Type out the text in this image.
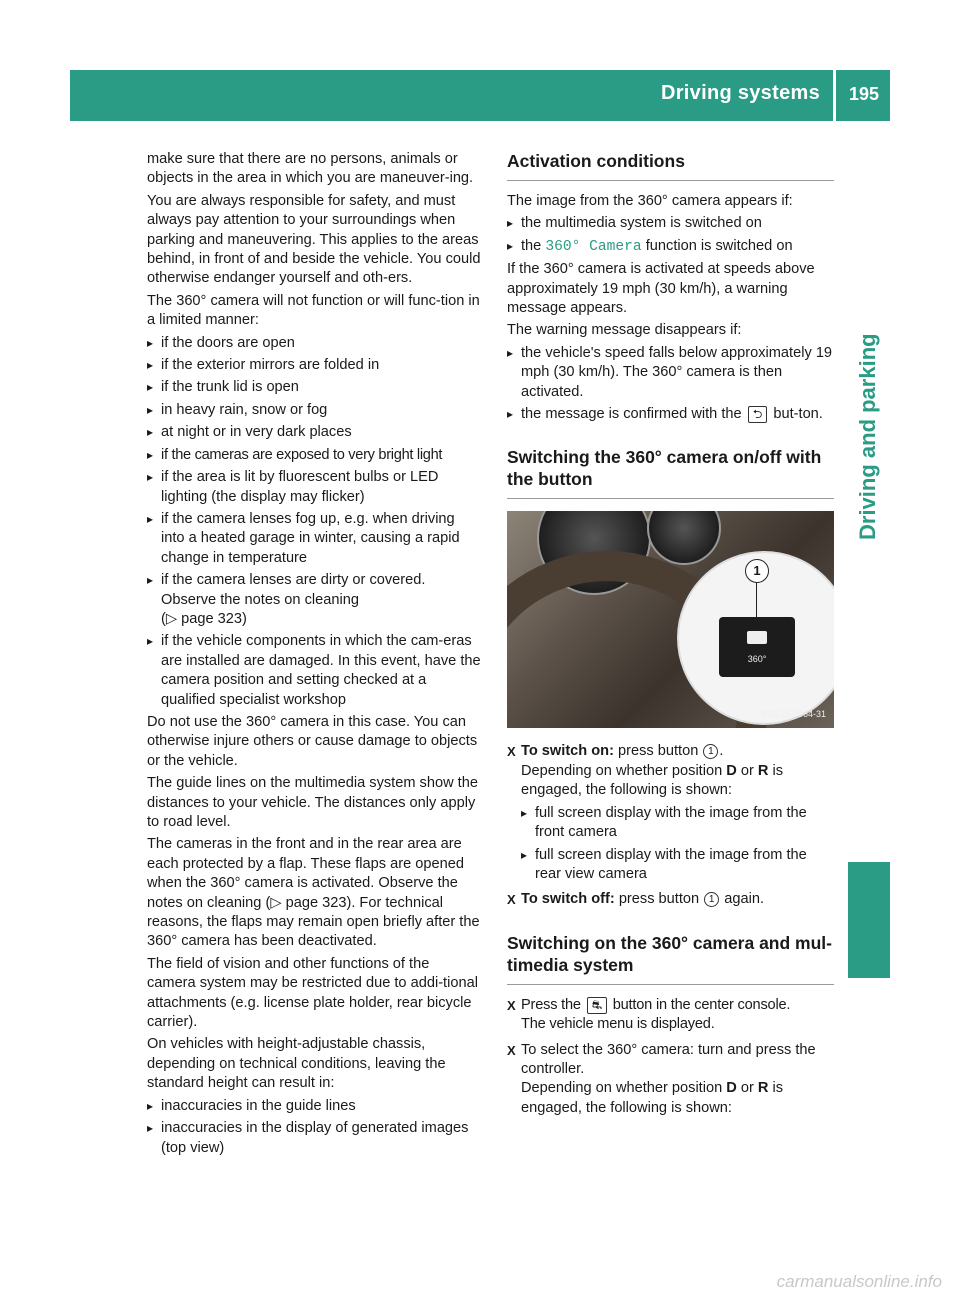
Driving systems	195
Driving and parking

make sure that there are no persons, animals or objects in the area in which you are maneuver-ing.

You are always responsible for safety, and must always pay attention to your surroundings when parking and maneuvering. This applies to the areas behind, in front of and beside the vehicle. You could otherwise endanger yourself and oth-ers.

The 360° camera will not function or will func-tion in a limited manner:

▸ if the doors are open
▸ if the exterior mirrors are folded in
▸ if the trunk lid is open
▸ in heavy rain, snow or fog
▸ at night or in very dark places
▸ if the cameras are exposed to very bright light
▸ if the area is lit by fluorescent bulbs or LED lighting (the display may flicker)
▸ if the camera lenses fog up, e.g. when driving into a heated garage in winter, causing a rapid change in temperature
▸ if the camera lenses are dirty or covered. Observe the notes on cleaning
(▷ page 323)
▸ if the vehicle components in which the cam-eras are installed are damaged. In this event, have the camera position and setting checked at a qualified specialist workshop

Do not use the 360° camera in this case. You can otherwise injure others or cause damage to objects or the vehicle.

The guide lines on the multimedia system show the distances to your vehicle. The distances only apply to road level.

The cameras in the front and in the rear area are each protected by a flap. These flaps are opened when the 360° camera is activated. Observe the notes on cleaning (▷ page 323). For technical reasons, the flaps may remain open briefly after the 360° camera has been deactivated.

The field of vision and other functions of the camera system may be restricted due to addi-tional attachments (e.g. license plate holder, rear bicycle carrier).

On vehicles with height-adjustable chassis, depending on technical conditions, leaving the standard height can result in:

▸ inaccuracies in the guide lines
▸ inaccuracies in the display of generated images (top view)
Activation conditions

The image from the 360° camera appears if:

▸ the multimedia system is switched on
▸ the 360° Camera function is switched on

If the 360° camera is activated at speeds above approximately 19 mph (30 km/h), a warning message appears.

The warning message disappears if:

▸ the vehicle's speed falls below approximately 19 mph (30 km/h). The 360° camera is then activated.
▸ the message is confirmed with the ⮌ but-ton.
Switching the 360° camera on/off with the button
1
360°
P54.25-9064-31
X To switch on: press button 1 .
Depending on whether position D or R is
engaged, the following is shown:
▸ full screen display with the image from the front camera
▸ full screen display with the image from the rear view camera
X To switch off: press button 1 again.
Switching on the 360° camera and mul-timedia system
X Press the ⛐ button in the center console.
The vehicle menu is displayed.
X To select the 360° camera: turn and press the controller.
Depending on whether position D or R is
engaged, the following is shown:
carmanualsonline.info
